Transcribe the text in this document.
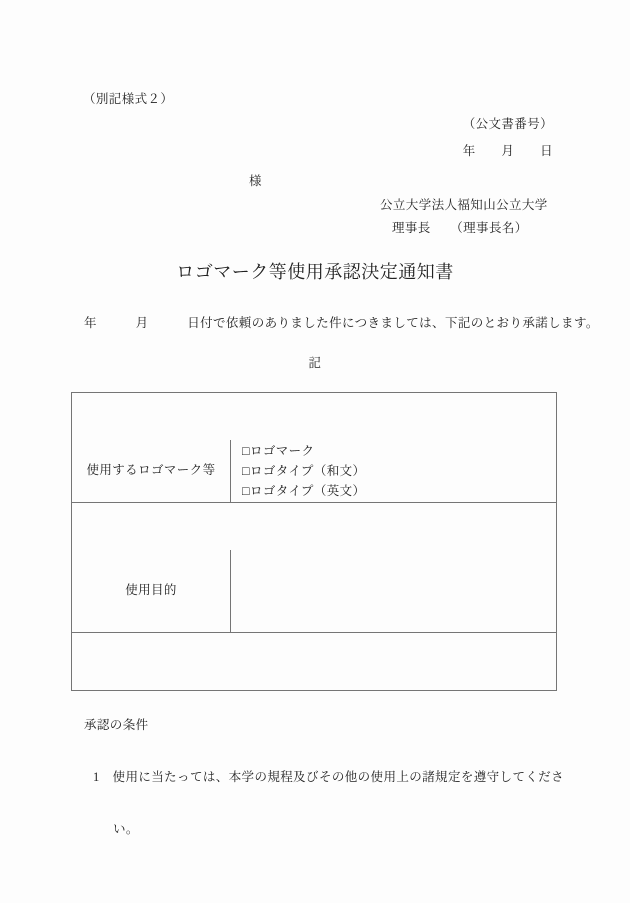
（別記様式２）
（公文書番号）
年　　月　　日
様
公立大学法人福知山公立大学
理事長　　（理事長名）
ロゴマーク等使用承認決定通知書
年　　　月　　　日付で依頼のありました件につきましては、下記のとおり承諾します。
記

使用するロゴマーク等
□ロゴマーク
□ロゴタイプ（和文）
□ロゴタイプ（英文）

使用目的

承認の条件

1　使用に当たっては、本学の規程及びその他の使用上の諸規定を遵守してくださ

い。
